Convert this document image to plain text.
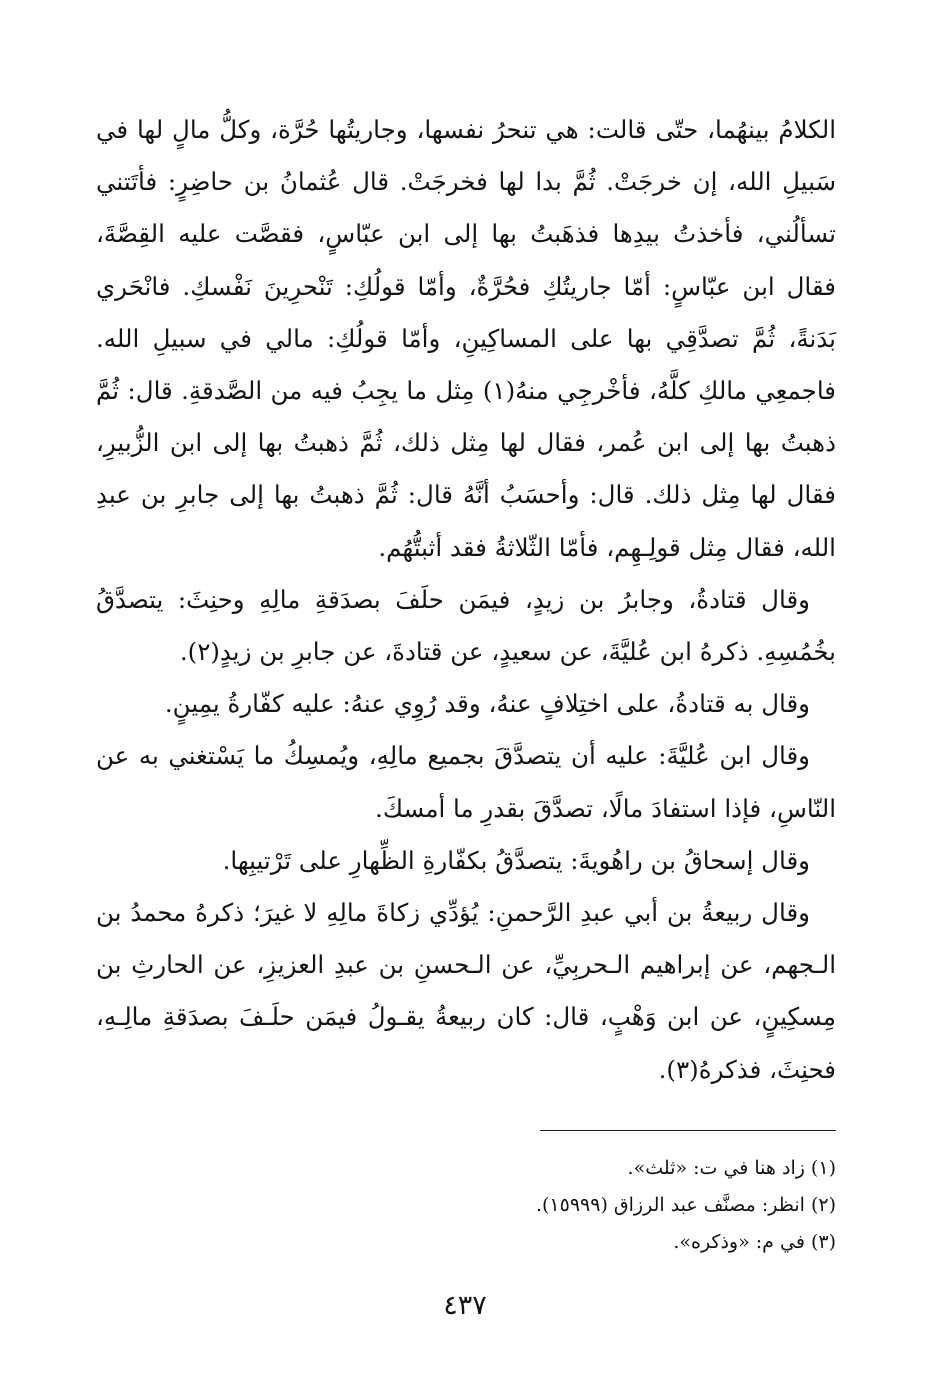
الكلامُ بينهُما، حتّى قالت: هي تنحرُ نفسها، وجاريتُها حُرَّة، وكلُّ مالٍ لها في سَبيلِ الله، إن خرجَتْ. ثُمَّ بدا لها فخرجَتْ. قال عُثمانُ بن حاضِرٍ: فأتَتني تسألُني، فأخذتُ بيدِها فذهَبتُ بها إلى ابن عبّاسٍ، فقصَّت عليه القِصَّةَ، فقال ابن عبّاسٍ: أمّا جاريتُكِ فحُرَّةٌ، وأمّا قولُكِ: تَنْحرِينَ نَفْسكِ. فانْحَري بَدَنةً، ثُمَّ تصدَّقِي بها على المساكِينِ، وأمّا قولُكِ: مالي في سبيلِ الله. فاجمعِي مالكِ كلَّهُ، فأخْرجِي منهُ(١) مِثل ما يجِبُ فيه من الصَّدقةِ. قال: ثُمَّ ذهبتُ بها إلى ابن عُمر، فقال لها مِثل ذلك، ثُمَّ ذهبتُ بها إلى ابن الزُّبيرِ، فقال لها مِثل ذلك. قال: وأحسَبُ أنَّهُ قال: ثُمَّ ذهبتُ بها إلى جابرِ بن عبدِ الله، فقال مِثل قولِـهِم، فأمّا الثّلاثةُ فقد أثبتُّهُم.

وقال قتادةُ، وجابرُ بن زيدٍ، فيمَن حلَفَ بصدَقةِ مالِهِ وحنِثَ: يتصدَّقُ بخُمُسِهِ. ذكرهُ ابن عُليَّةَ، عن سعيدٍ، عن قتادةَ، عن جابرِ بن زيدٍ(٢).

وقال به قتادةُ، على اختِلافٍ عنهُ، وقد رُوِي عنهُ: عليه كفّارةُ يمِينٍ.

وقال ابن عُليَّةَ: عليه أن يتصدَّقَ بجميع مالِهِ، ويُمسِكُ ما يَسْتغني به عن النّاسِ، فإذا استفادَ مالًا، تصدَّقَ بقدرِ ما أمسكَ.

وقال إسحاقُ بن راهُويةَ: يتصدَّقُ بكفّارةِ الظِّهارِ على تَرْتيبِها.

وقال ربيعةُ بن أبي عبدِ الرَّحمنِ: يُؤدِّي زكاةَ مالِهِ لا غيرَ؛ ذكرهُ محمدُ بن الـجهم، عن إبراهيم الـحربِيِّ، عن الـحسنِ بن عبدِ العزيزِ، عن الحارثِ بن مِسكِينٍ، عن ابن وَهْبٍ، قال: كان ربيعةُ يقـولُ فيمَن حلَـفَ بصدَقةِ مالِـهِ، فحنِثَ، فذكرهُ(٣).

(١) زاد هنا في ت: «ثلث».

(٢) انظر: مصنَّف عبد الرزاق (١٥٩٩٩).

(٣) في م: «وذكره».

٤٣٧
